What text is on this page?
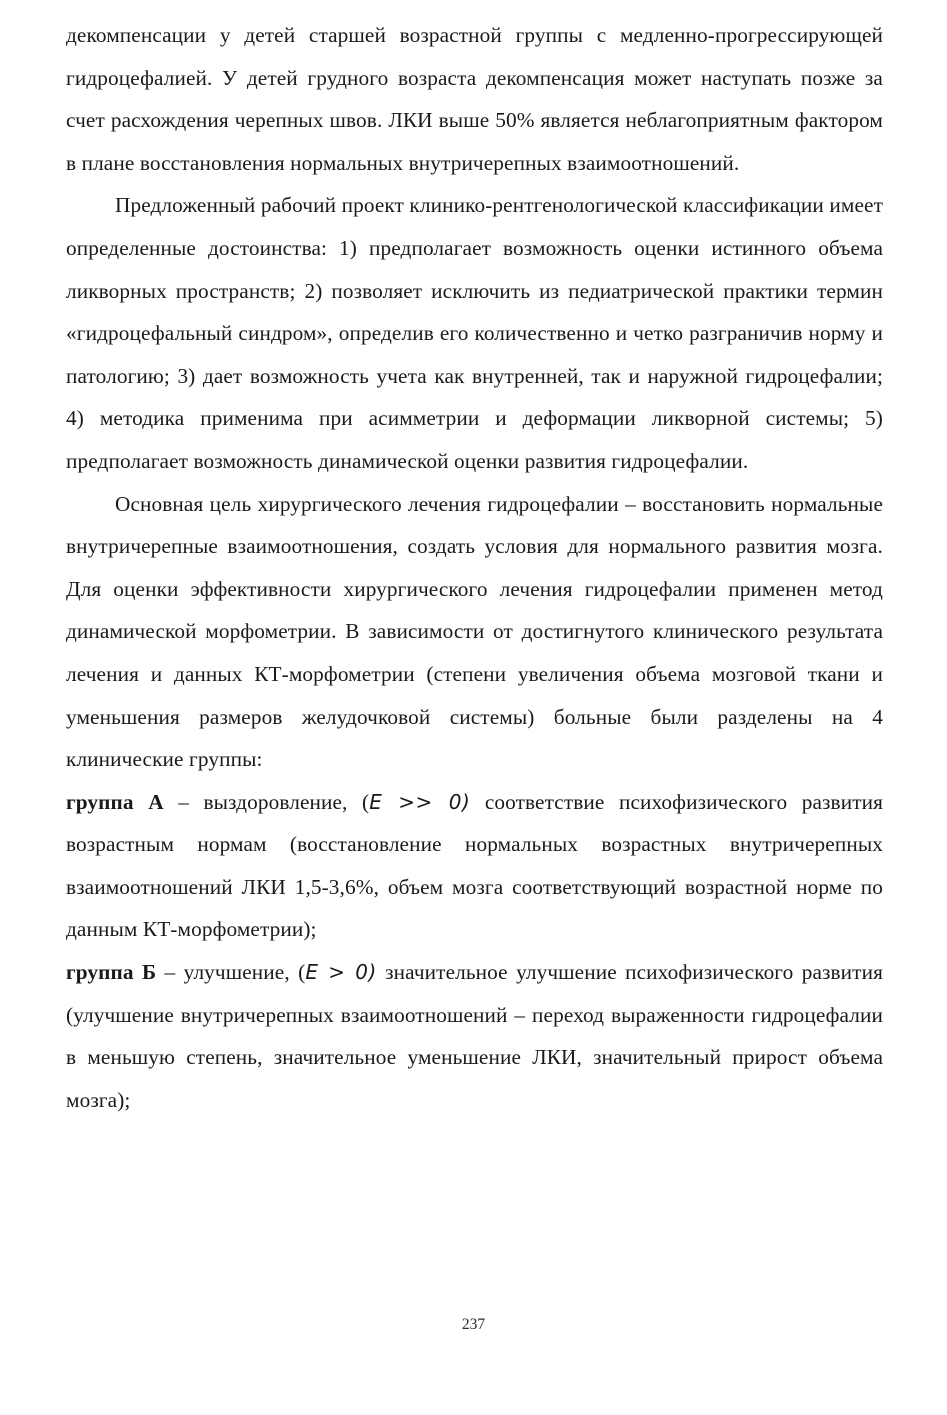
декомпенсации у детей старшей возрастной группы с медленно-прогрессирующей гидроцефалией. У детей грудного возраста декомпенсация может наступать позже за счет расхождения черепных швов. ЛКИ выше 50% является неблагоприятным фактором в плане восстановления нормальных внутричерепных взаимоотношений.

Предложенный рабочий проект клинико-рентгенологической классификации имеет определенные достоинства: 1) предполагает возможность оценки истинного объема ликворных пространств; 2) позволяет исключить из педиатрической практики термин «гидроцефальный синдром», определив его количественно и четко разграничив норму и патологию; 3) дает возможность учета как внутренней, так и наружной гидроцефалии; 4) методика применима при асимметрии и деформации ликворной системы; 5) предполагает возможность динамической оценки развития гидроцефалии.

Основная цель хирургического лечения гидроцефалии – восстановить нормальные внутричерепные взаимоотношения, создать условия для нормального развития мозга. Для оценки эффективности хирургического лечения гидроцефалии применен метод динамической морфометрии. В зависимости от достигнутого клинического результата лечения и данных КТ-морфометрии (степени увеличения объема мозговой ткани и уменьшения размеров желудочковой системы) больные были разделены на 4 клинические группы:

группа А – выздоровление, (E >> 0) соответствие психофизического развития возрастным нормам (восстановление нормальных возрастных внутричерепных взаимоотношений ЛКИ 1,5-3,6%, объем мозга соответствующий возрастной норме по данным КТ-морфометрии);

группа Б – улучшение, (E > 0) значительное улучшение психофизического развития (улучшение внутричерепных взаимоотношений – переход выраженности гидроцефалии в меньшую степень, значительное уменьшение ЛКИ, значительный прирост объема мозга);

237
